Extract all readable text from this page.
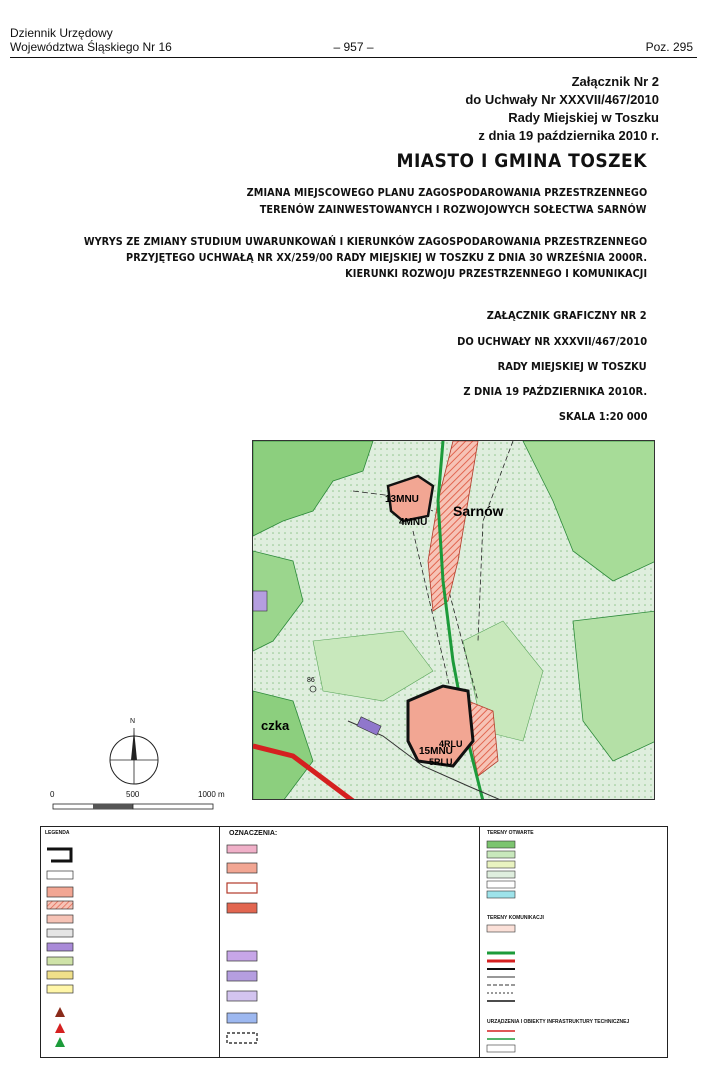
Dziennik Urzędowy
Województwa Śląskiego Nr 16	– 957 –	Poz. 295
Załącznik Nr 2
do Uchwały Nr XXXVII/467/2010
Rady Miejskiej w Toszku
z dnia 19 października 2010 r.
MIASTO I GMINA TOSZEK
ZMIANA MIEJSCOWEGO PLANU ZAGOSPODAROWANIA PRZESTRZENNEGO
TERENÓW ZAINWESTOWANYCH I ROZWOJOWYCH SOŁECTWA SARNÓW
WYRYS ZE ZMIANY STUDIUM UWARUNKOWAŃ I KIERUNKÓW ZAGOSPODAROWANIA PRZESTRZENNEGO
PRZYJĘTEGO UCHWAŁĄ NR XX/259/00 RADY MIEJSKIEJ W TOSZKU Z DNIA 30 WRZEŚNIA 2000R.
KIERUNKI ROZWOJU PRZESTRZENNEGO I KOMUNIKACJI
ZAŁĄCZNIK GRAFICZNY NR 2
DO UCHWAŁY NR XXXVII/467/2010
RADY MIEJSKIEJ W TOSZKU
Z DNIA 19 PAŹDZIERNIKA 2010R.
SKALA 1:20 000
13MNU
4MNU
Sarnów
4RLU
15MNU
5RLU
czka
86
N
0	500	1000 m
LEGENDA	OZNACZENIA:	TERENY OTWARTE
TERENY KOMUNIKACJI
URZĄDZENIA I OBIEKTY INFRASTRUKTURY TECHNICZNEJ
